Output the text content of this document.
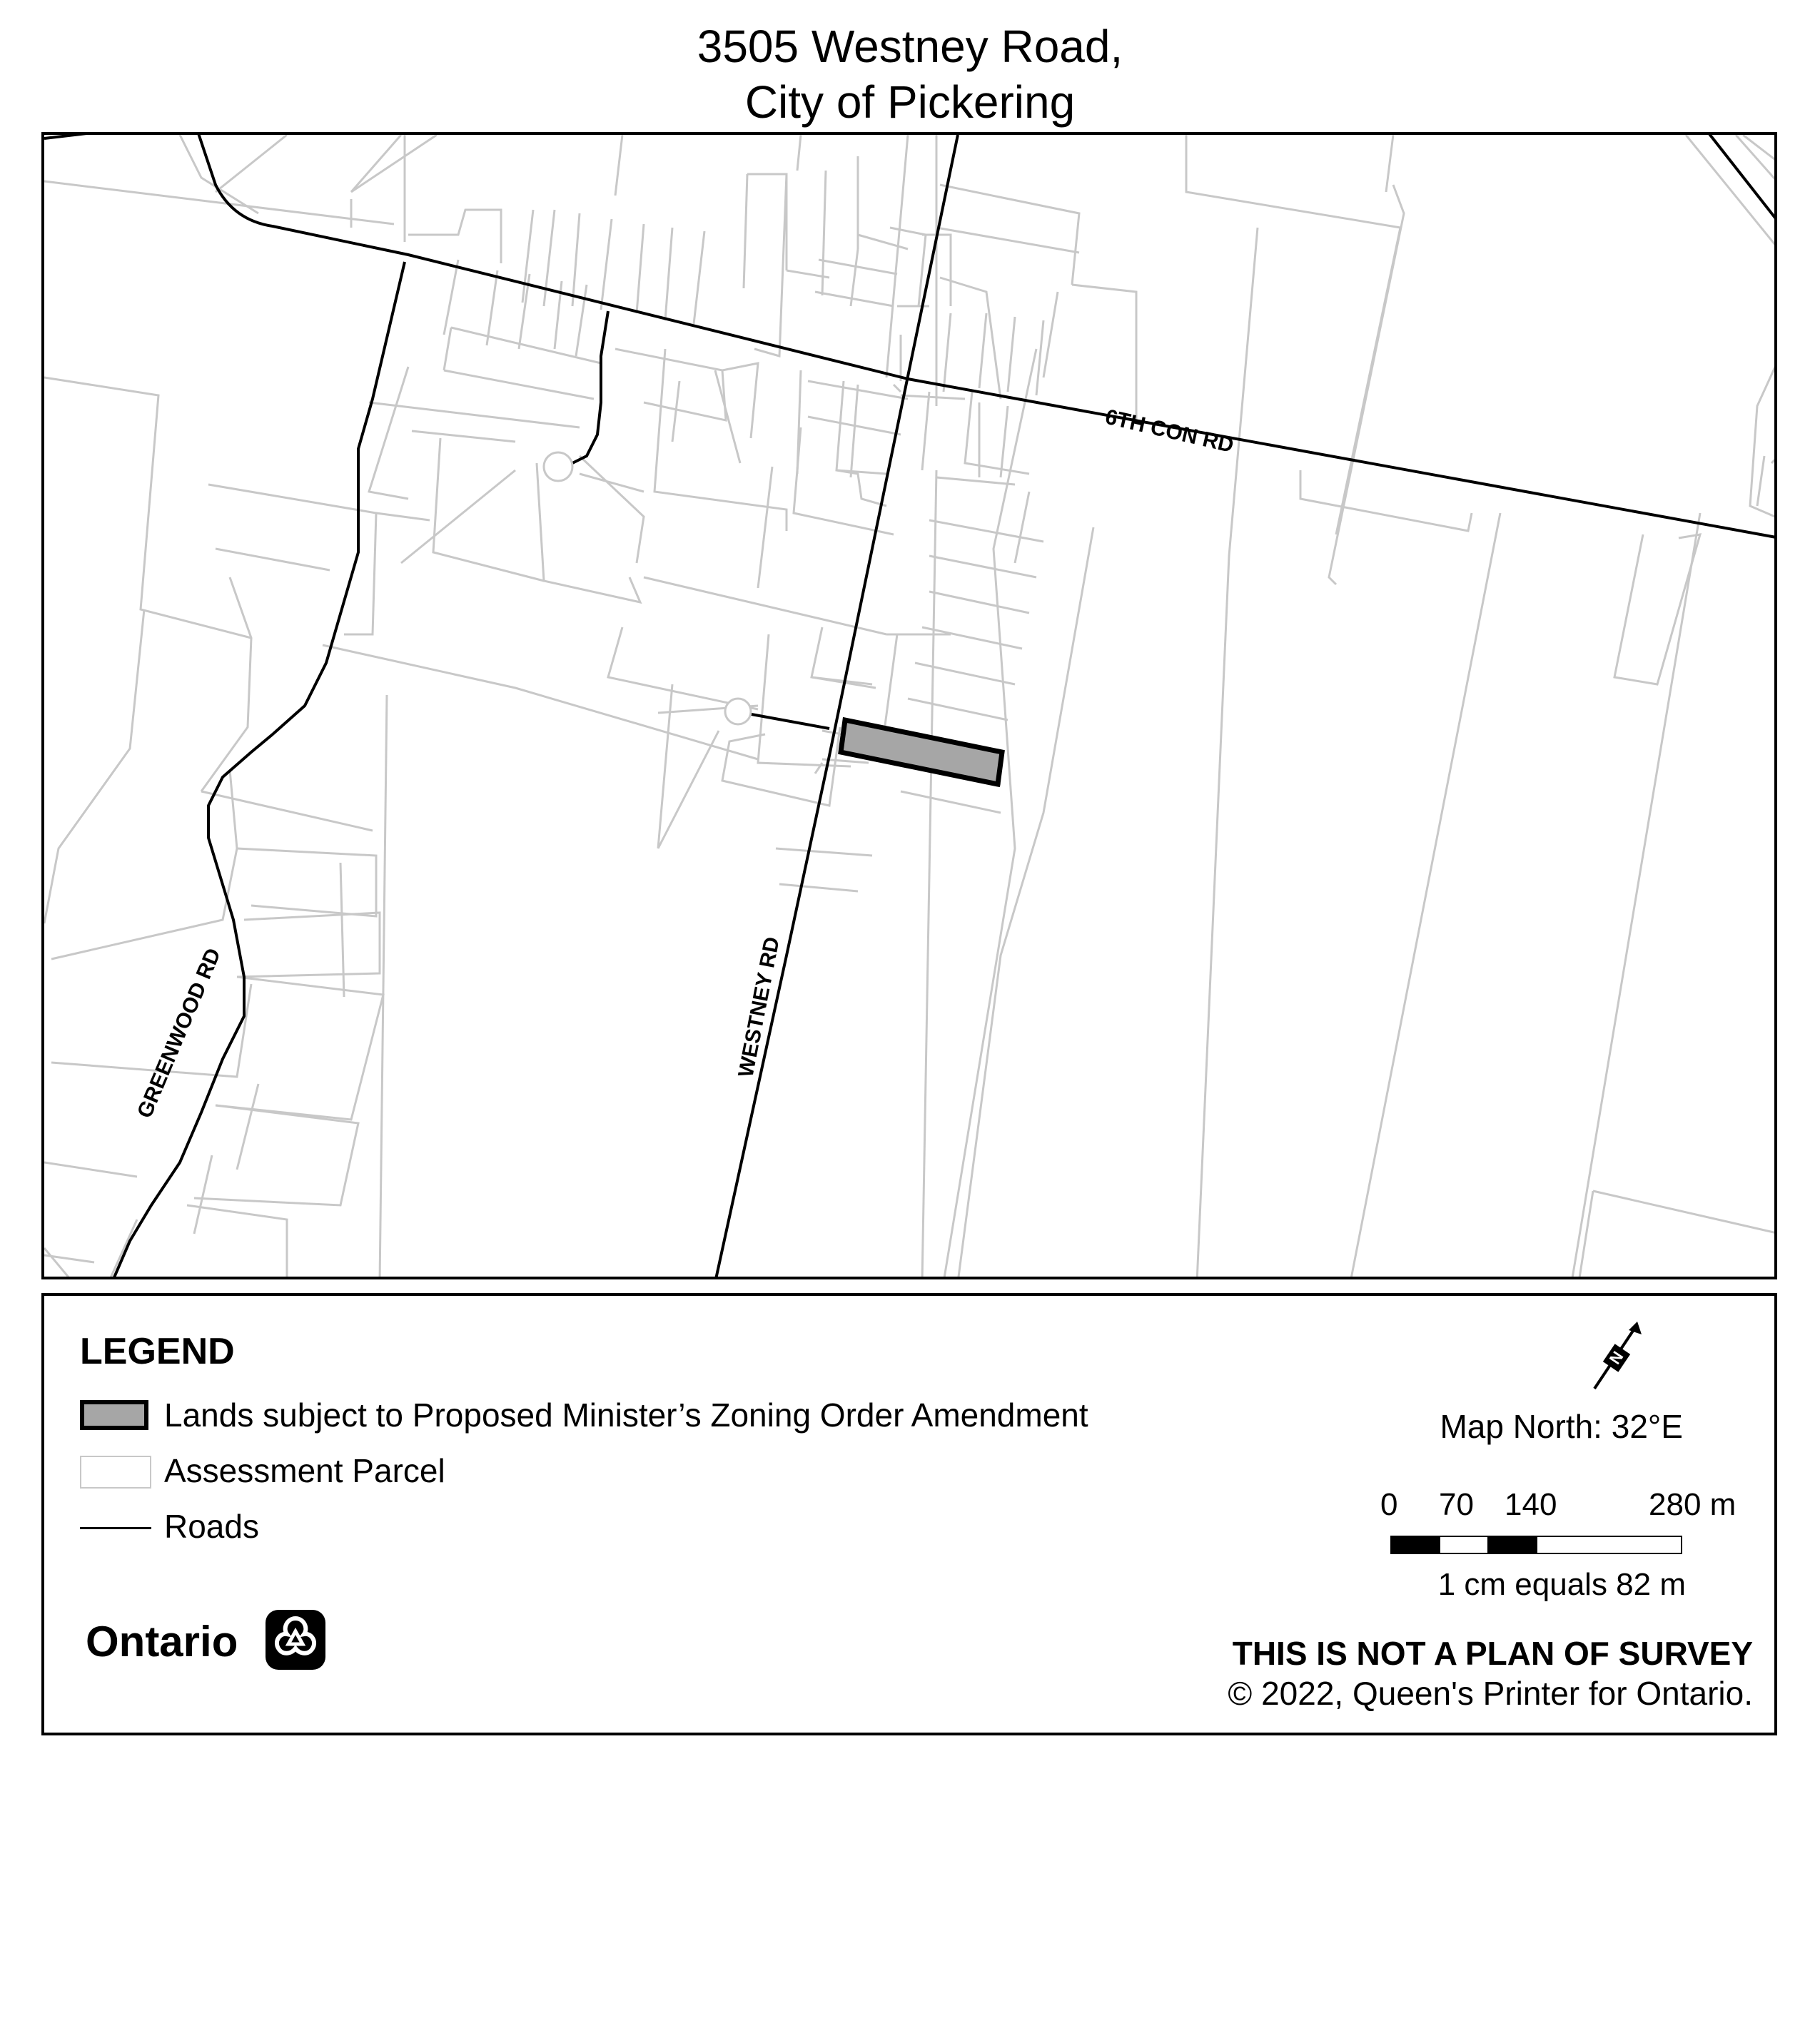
3505 Westney Road,
City of Pickering
6TH CON RD
WESTNEY RD
GREENWOOD RD
LEGEND
Lands subject to Proposed Minister’s Zoning Order Amendment
Assessment Parcel
Roads
Ontario
N
Map North: 32°E
0 70 140	280 m
1 cm equals 82 m
THIS IS NOT A PLAN OF SURVEY
© 2022, Queen's Printer for Ontario.
